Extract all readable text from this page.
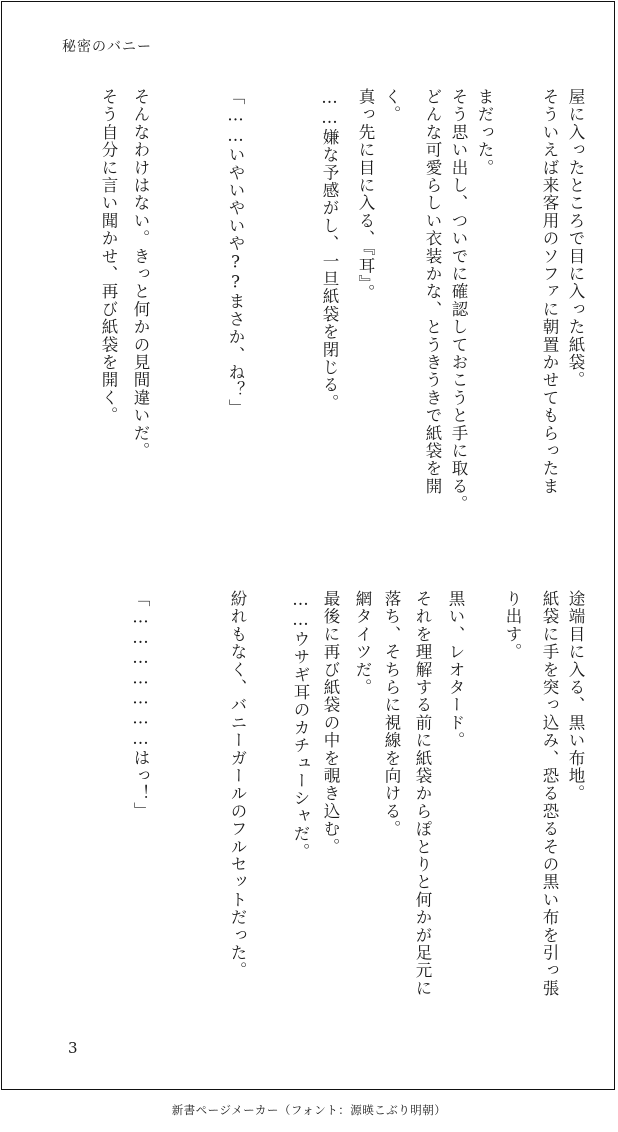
秘密のバニー
屋に入ったところで目に入った紙袋。
そういえば来客用のソファに朝置かせてもらったま
まだった。
そう思い出し、ついでに確認しておこうと手に取る。
どんな可愛らしい衣装かな、とうきうきで紙袋を開
く。
真っ先に目に入る、『耳』。
……嫌な予感がし、一旦紙袋を閉じる。
「……いやいやいや??まさか、ね？」
そんなわけはない。きっと何かの見間違いだ。
そう自分に言い聞かせ、再び紙袋を開く。
途端目に入る、黒い布地。
紙袋に手を突っ込み、恐る恐るその黒い布を引っ張
り出す。
黒い、レオタード。
それを理解する前に紙袋からぽとりと何かが足元に
落ち、そちらに視線を向ける。
網タイツだ。
最後に再び紙袋の中を覗き込む。
……ウサギ耳のカチューシャだ。
紛れもなく、バニーガールのフルセットだった。
「…………………はっ！」
3
新書ページメーカー（フォント：源暎こぶり明朝）
